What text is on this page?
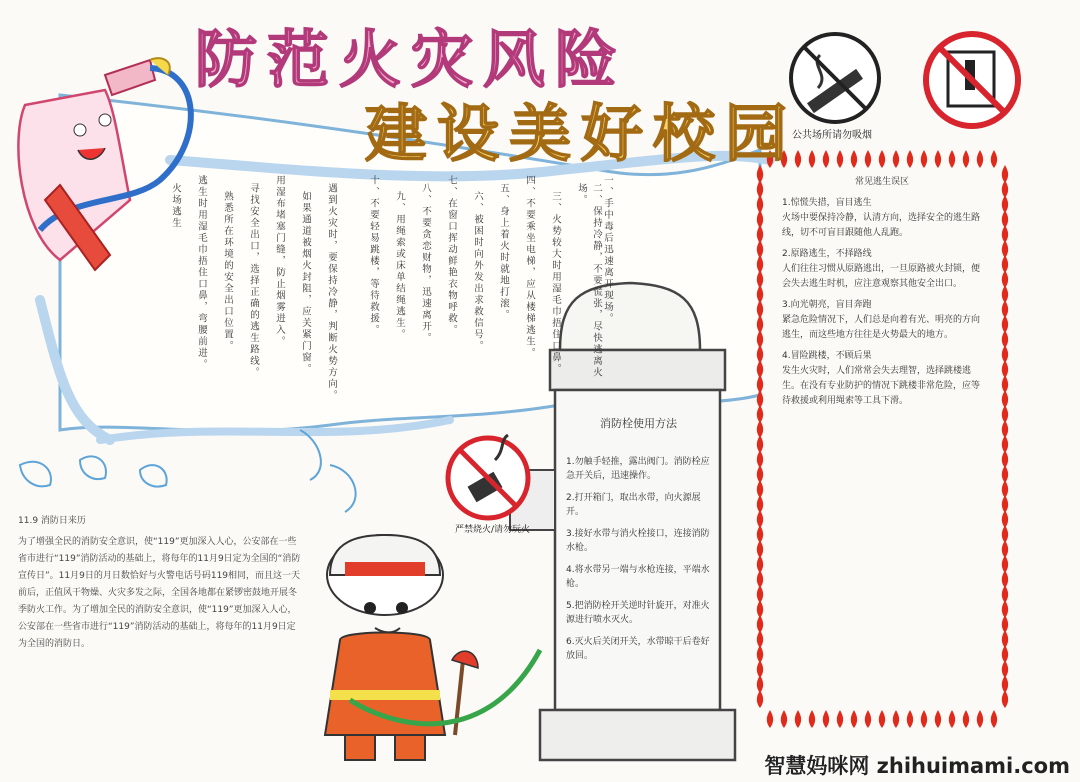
防范火灾风险
建设美好校园
公共场所请勿吸烟
严禁烧火/请勿玩火
一、手中毒后迅速离开现场。
二、保持冷静，不要慌张，尽快逃离火场。
三、火势较大时用湿毛巾捂住口鼻。
四、不要乘坐电梯，应从楼梯逃生。
五、身上着火时就地打滚。
六、被困时向外发出求救信号。
七、在窗口挥动鲜艳衣物呼救。
八、不要贪恋财物，迅速离开。
九、用绳索或床单结绳逃生。
十、不要轻易跳楼，等待救援。
遇到火灾时，要保持冷静，判断火势方向。
如果通道被烟火封阻，应关紧门窗。
用湿布堵塞门缝，防止烟雾进入。
寻找安全出口，选择正确的逃生路线。
熟悉所在环境的安全出口位置。
逃生时用湿毛巾捂住口鼻，弯腰前进。
火场逃生
消防栓使用方法
1.勿触手轻推，露出阀门。消防栓应急开关后，迅速操作。
2.打开箱门，取出水带，向火源展开。
3.接好水带与消火栓接口，连接消防水枪。
4.将水带另一端与水枪连接，平端水枪。
5.把消防栓开关逆时针旋开，对准火源进行喷水灭火。
6.灭火后关闭开关，水带晾干后卷好放回。
11.9 消防日来历
为了增强全民的消防安全意识，使“119”更加深入人心，公安部在一些省市进行“119”消防活动的基础上，将每年的11月9日定为全国的“消防宣传日”。11月9日的月日数恰好与火警电话号码119相同，而且这一天前后，正值风干物燥、火灾多发之际，全国各地都在紧锣密鼓地开展冬季防火工作。为了增加全民的消防安全意识，使“119”更加深入人心，公安部在一些省市进行“119”消防活动的基础上，将每年的11月9日定为全国的消防日。
常见逃生误区
1.惊慌失措，盲目逃生
火场中要保持冷静，认清方向，选择安全的逃生路线，切不可盲目跟随他人乱跑。
2.原路逃生，不择路线
人们往往习惯从原路逃出，一旦原路被火封锁，便会失去逃生时机，应注意观察其他安全出口。
3.向光朝亮，盲目奔跑
紧急危险情况下，人们总是向着有光、明亮的方向逃生，而这些地方往往是火势最大的地方。
4.冒险跳楼，不顾后果
发生火灾时，人们常常会失去理智，选择跳楼逃生。在没有专业防护的情况下跳楼非常危险，应等待救援或利用绳索等工具下滑。
智慧妈咪网 zhihuimami.com
